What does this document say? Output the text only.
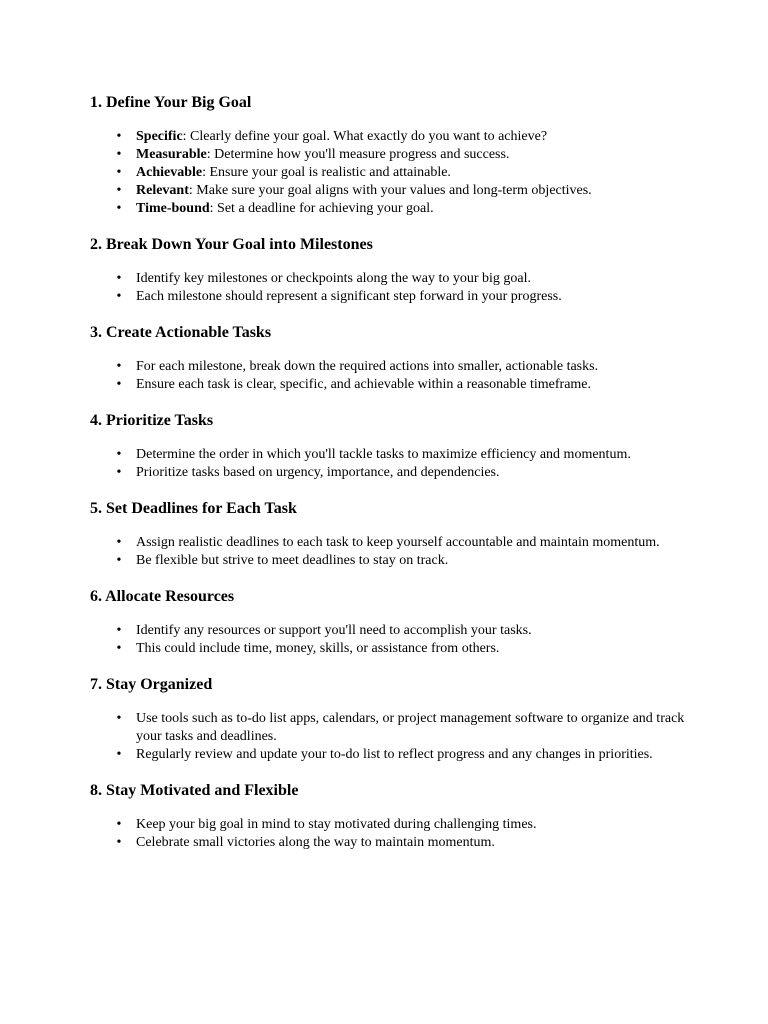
1. Define Your Big Goal
• Specific: Clearly define your goal. What exactly do you want to achieve?
• Measurable: Determine how you'll measure progress and success.
• Achievable: Ensure your goal is realistic and attainable.
• Relevant: Make sure your goal aligns with your values and long-term objectives.
• Time-bound: Set a deadline for achieving your goal.
2. Break Down Your Goal into Milestones
• Identify key milestones or checkpoints along the way to your big goal.
• Each milestone should represent a significant step forward in your progress.
3. Create Actionable Tasks
• For each milestone, break down the required actions into smaller, actionable tasks.
• Ensure each task is clear, specific, and achievable within a reasonable timeframe.
4. Prioritize Tasks
• Determine the order in which you'll tackle tasks to maximize efficiency and momentum.
• Prioritize tasks based on urgency, importance, and dependencies.
5. Set Deadlines for Each Task
• Assign realistic deadlines to each task to keep yourself accountable and maintain momentum.
• Be flexible but strive to meet deadlines to stay on track.
6. Allocate Resources
• Identify any resources or support you'll need to accomplish your tasks.
• This could include time, money, skills, or assistance from others.
7. Stay Organized
• Use tools such as to-do list apps, calendars, or project management software to organize and track your tasks and deadlines.
• Regularly review and update your to-do list to reflect progress and any changes in priorities.
8. Stay Motivated and Flexible
• Keep your big goal in mind to stay motivated during challenging times.
• Celebrate small victories along the way to maintain momentum.
